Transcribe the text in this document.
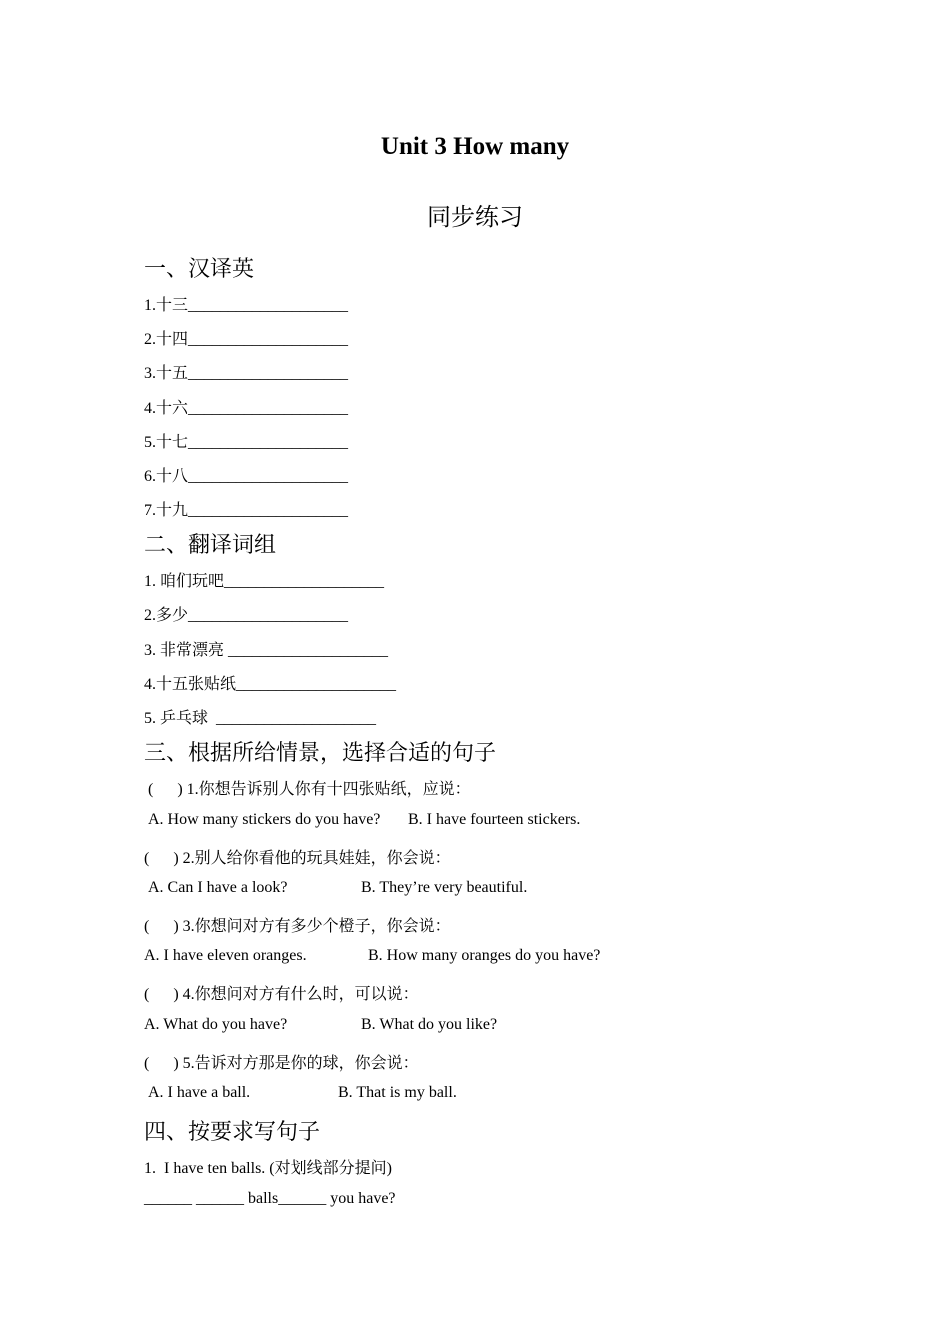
Unit 3 How many
同步练习
一、汉译英
1.十三____________________
2.十四____________________
3.十五____________________
4.十六____________________
5.十七____________________
6.十八____________________
7.十九____________________
二、翻译词组
1. 咱们玩吧____________________
2.多少____________________
3. 非常漂亮 ____________________
4.十五张贴纸____________________
5. 乒乓球  ____________________
三、根据所给情景，选择合适的句子
(      ) 1.你想告诉别人你有十四张贴纸，应说：
A. How many stickers do you have? B. I have fourteen stickers.
(      ) 2.别人给你看他的玩具娃娃，你会说：
A. Can I have a look?	B. They’re very beautiful.
(      ) 3.你想问对方有多少个橙子，你会说：
A. I have eleven oranges.	B. How many oranges do you have?
(      ) 4.你想问对方有什么时，可以说：
A. What do you have?	B. What do you like?
(      ) 5.告诉对方那是你的球，你会说：
A. I have a ball.	B. That is my ball.
四、按要求写句子
1.  I have ten balls. (对划线部分提问)
______ ______ balls______ you have?
